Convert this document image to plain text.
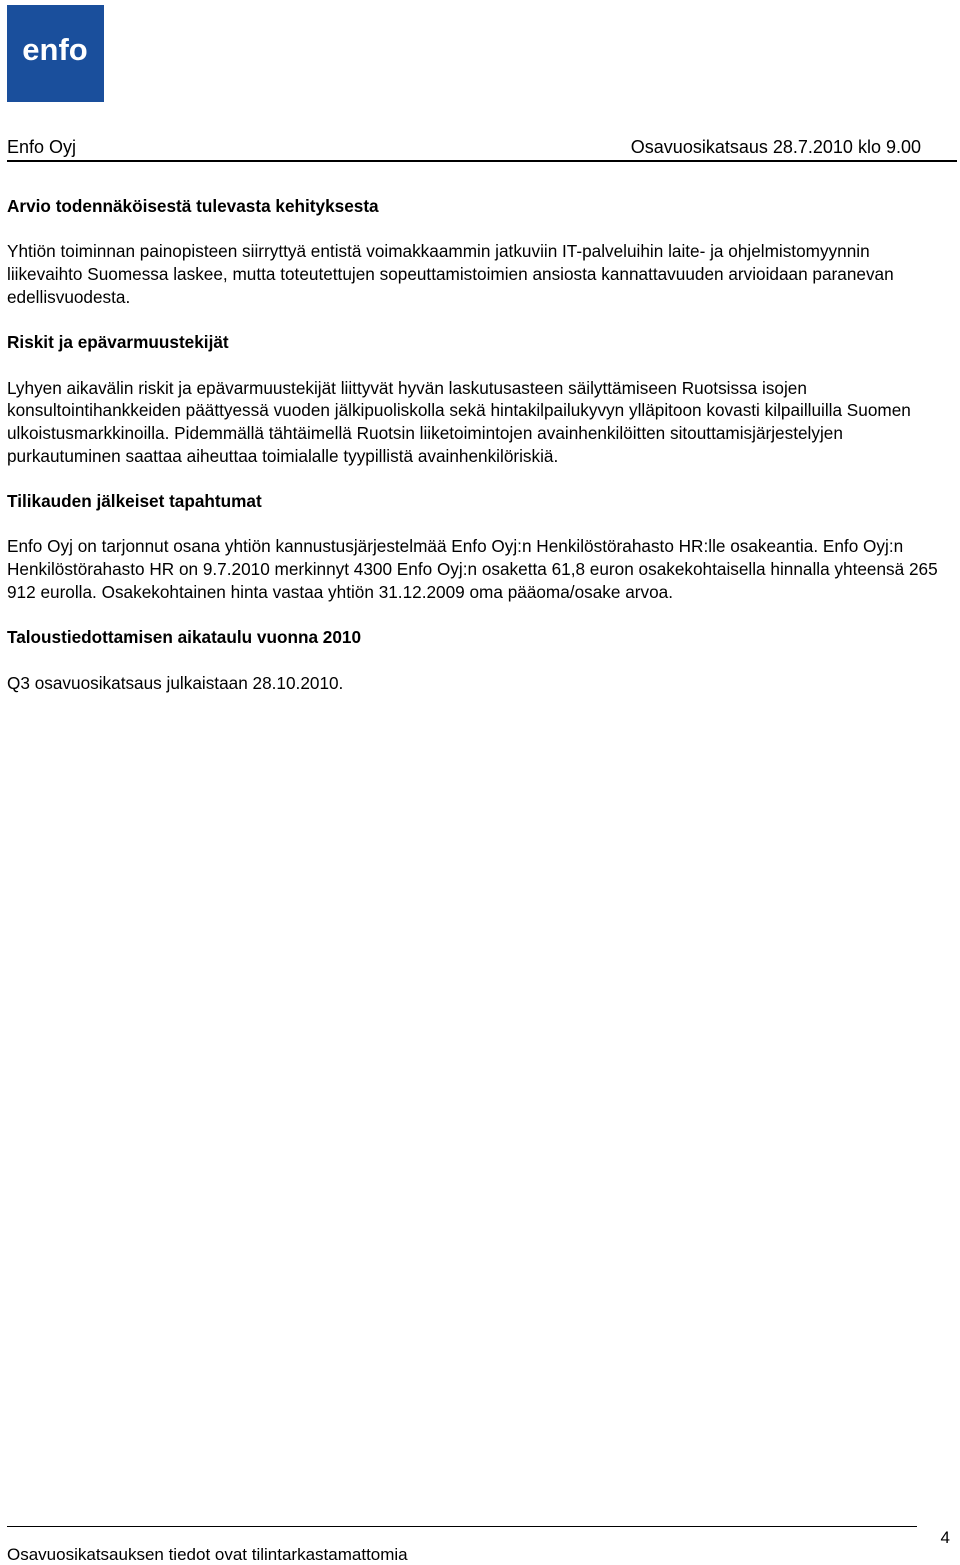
enfo
Enfo Oyj	Osavuosikatsaus 28.7.2010 klo 9.00
Arvio todennäköisestä tulevasta kehityksesta

Yhtiön toiminnan painopisteen siirryttyä entistä voimakkaammin jatkuviin IT-palveluihin laite- ja ohjelmistomyynnin liikevaihto Suomessa laskee, mutta toteutettujen sopeuttamistoimien ansiosta kannattavuuden arvioidaan paranevan edellisvuodesta.

Riskit ja epävarmuustekijät

Lyhyen aikavälin riskit ja epävarmuustekijät liittyvät hyvän laskutusasteen säilyttämiseen Ruotsissa isojen konsultointihankkeiden päättyessä vuoden jälkipuoliskolla sekä hintakilpailukyvyn ylläpitoon kovasti kilpailluilla Suomen ulkoistusmarkkinoilla. Pidemmällä tähtäimellä Ruotsin liiketoimintojen avainhenkilöitten sitouttamisjärjestelyjen purkautuminen saattaa aiheuttaa toimialalle tyypillistä avainhenkilöriskiä.

Tilikauden jälkeiset tapahtumat

Enfo Oyj on tarjonnut osana yhtiön kannustusjärjestelmää Enfo Oyj:n Henkilöstörahasto HR:lle osakeantia. Enfo Oyj:n Henkilöstörahasto HR on 9.7.2010 merkinnyt 4300 Enfo Oyj:n osaketta 61,8 euron osakekohtaisella hinnalla yhteensä 265 912 eurolla. Osakekohtainen hinta vastaa yhtiön 31.12.2009 oma pääoma/osake arvoa.

Taloustiedottamisen aikataulu vuonna 2010

Q3 osavuosikatsaus julkaistaan 28.10.2010.

Osavuosikatsauksen tiedot ovat tilintarkastamattomia
4
